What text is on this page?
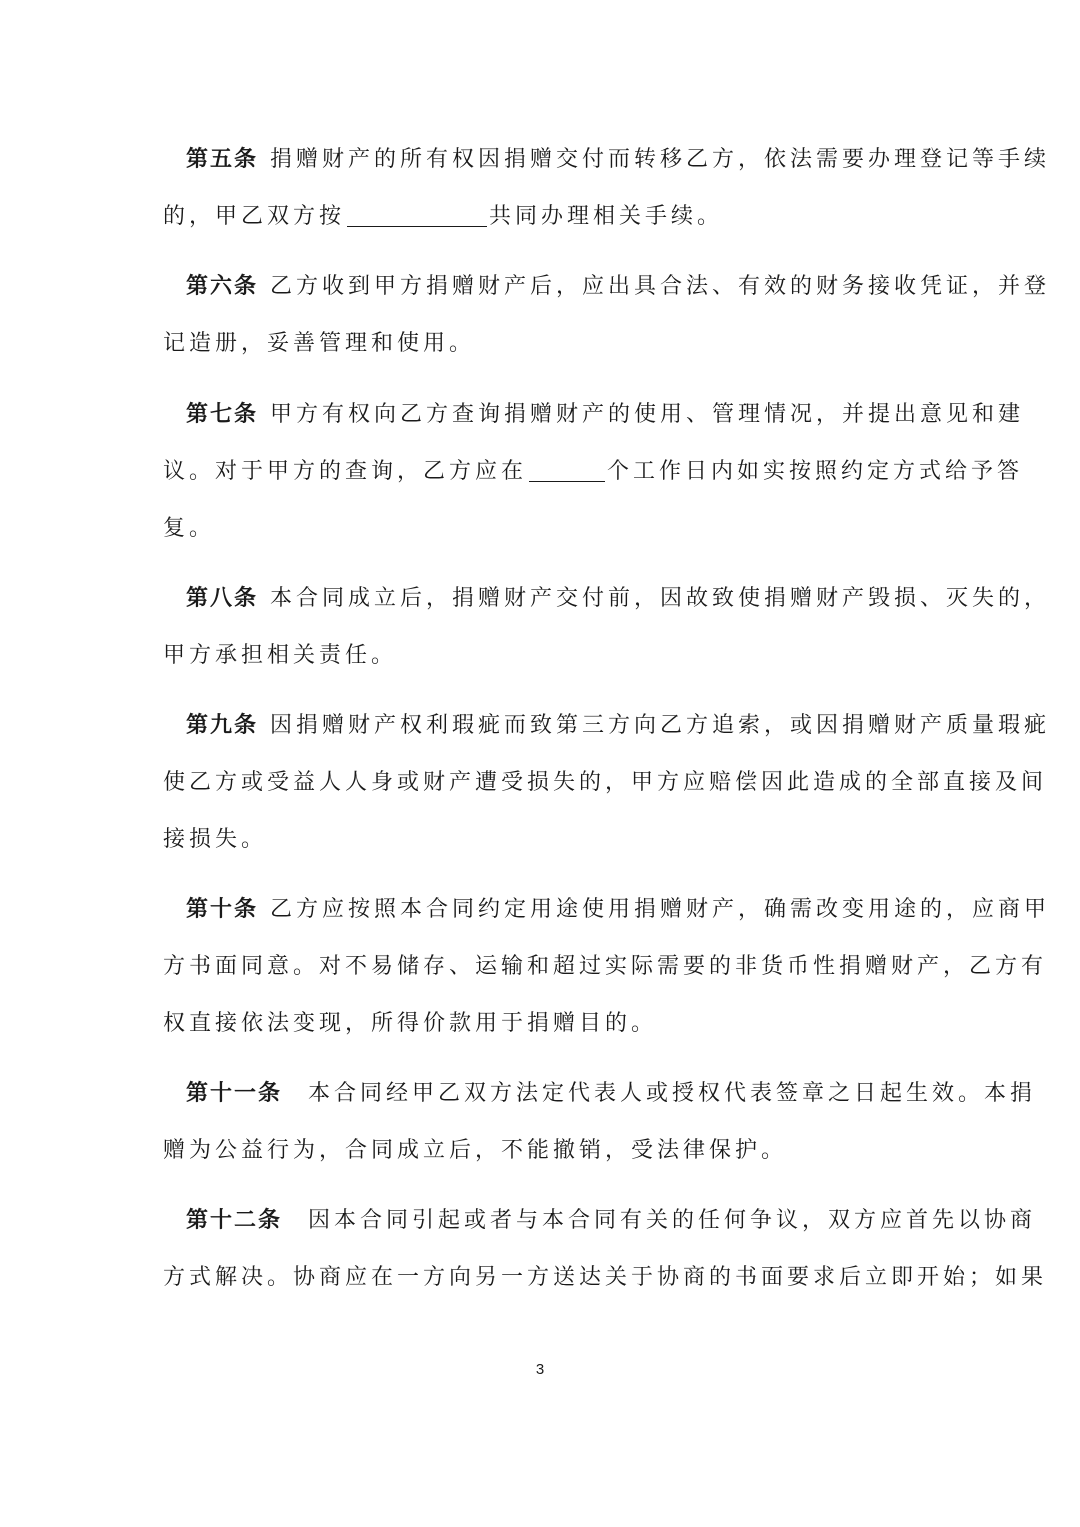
第五条 捐赠财产的所有权因捐赠交付而转移乙方，依法需要办理登记等手续
的，甲乙双方按	共同办理相关手续。
第六条 乙方收到甲方捐赠财产后，应出具合法、有效的财务接收凭证，并登
记造册，妥善管理和使用。
第七条 甲方有权向乙方查询捐赠财产的使用、管理情况，并提出意见和建
议。对于甲方的查询，乙方应在	个工作日内如实按照约定方式给予答
复。
第八条 本合同成立后，捐赠财产交付前，因故致使捐赠财产毁损、灭失的，
甲方承担相关责任。
第九条 因捐赠财产权利瑕疵而致第三方向乙方追索，或因捐赠财产质量瑕疵
使乙方或受益人人身或财产遭受损失的，甲方应赔偿因此造成的全部直接及间
接损失。
第十条 乙方应按照本合同约定用途使用捐赠财产，确需改变用途的，应商甲
方书面同意。对不易储存、运输和超过实际需要的非货币性捐赠财产，乙方有
权直接依法变现，所得价款用于捐赠目的。
第十一条 本合同经甲乙双方法定代表人或授权代表签章之日起生效。本捐
赠为公益行为，合同成立后，不能撤销，受法律保护。
第十二条 因本合同引起或者与本合同有关的任何争议，双方应首先以协商
方式解决。协商应在一方向另一方送达关于协商的书面要求后立即开始；如果
3
